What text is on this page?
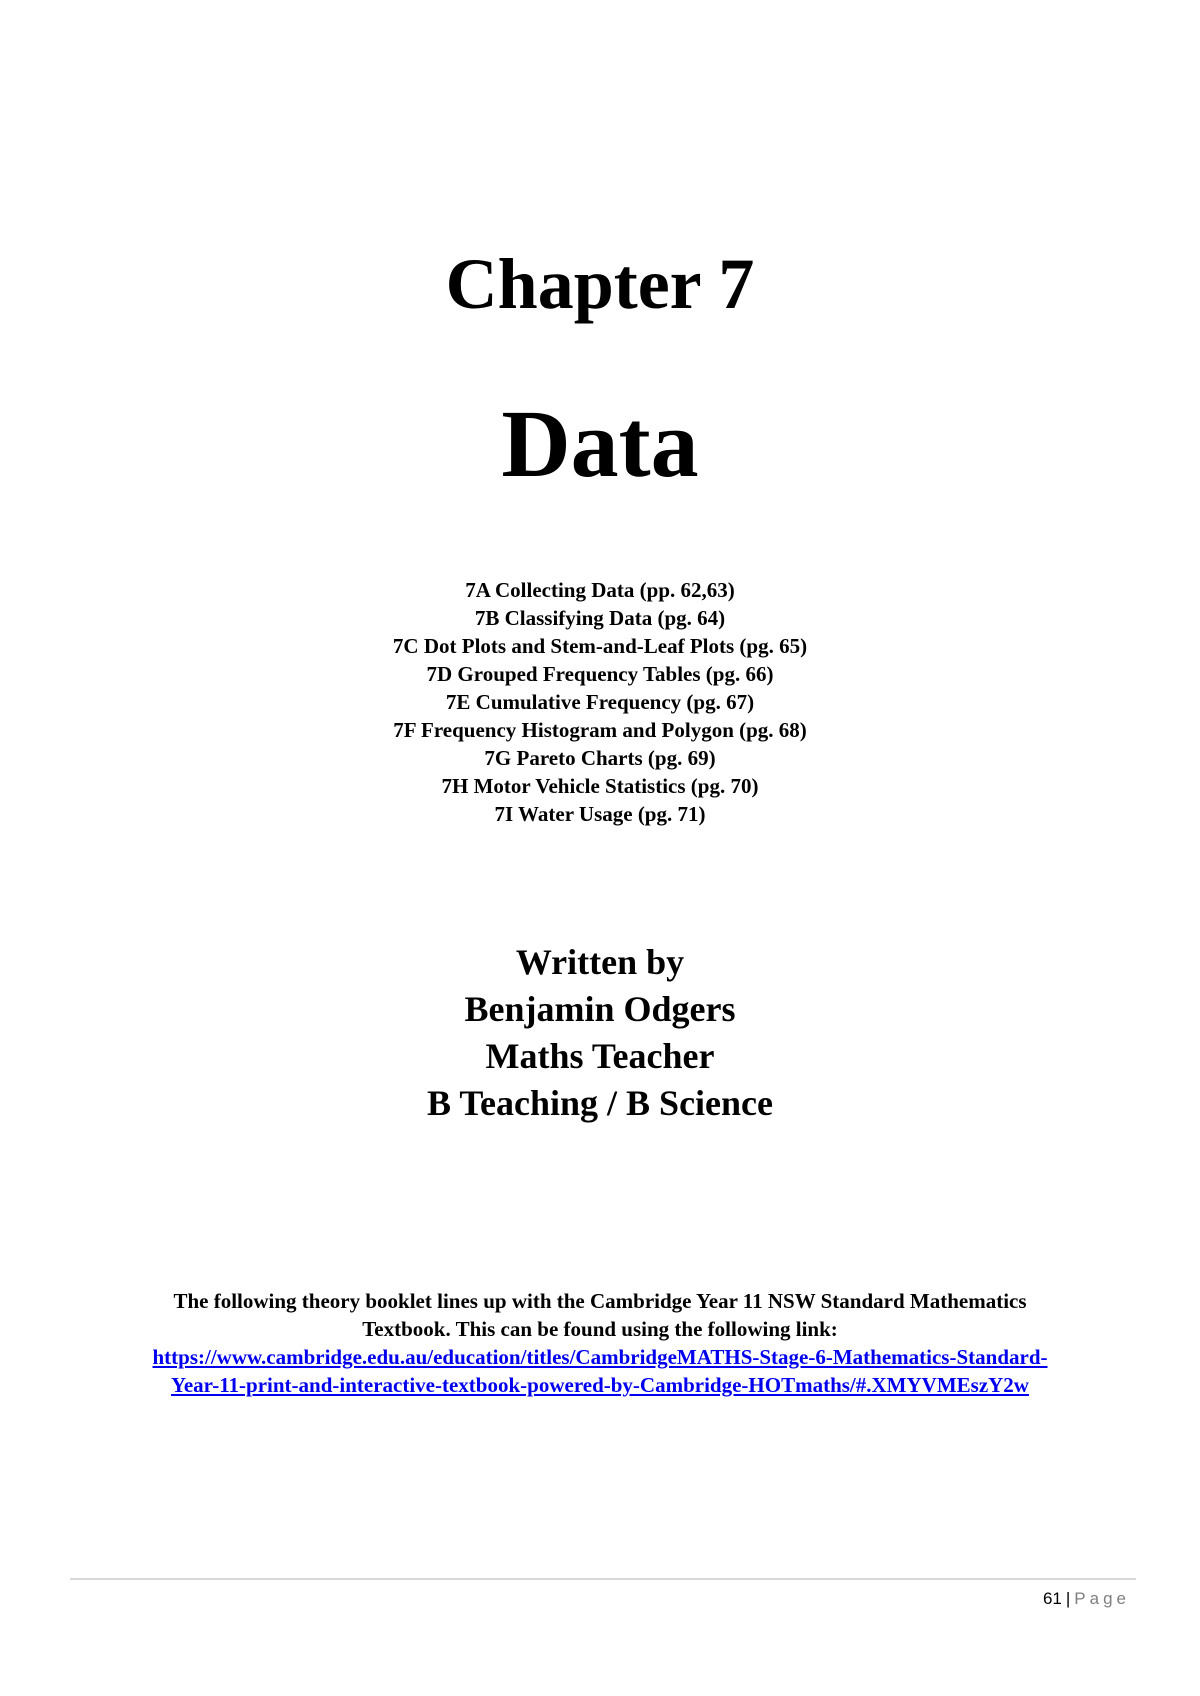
Chapter 7
Data
7A Collecting Data (pp. 62,63)
7B Classifying Data (pg. 64)
7C Dot Plots and Stem-and-Leaf Plots (pg. 65)
7D Grouped Frequency Tables (pg. 66)
7E Cumulative Frequency (pg. 67)
7F Frequency Histogram and Polygon (pg. 68)
7G Pareto Charts (pg. 69)
7H Motor Vehicle Statistics (pg. 70)
7I Water Usage (pg. 71)
Written by
Benjamin Odgers
Maths Teacher
B Teaching / B Science
The following theory booklet lines up with the Cambridge Year 11 NSW Standard Mathematics
Textbook. This can be found using the following link:
https://www.cambridge.edu.au/education/titles/CambridgeMATHS-Stage-6-Mathematics-Standard-
Year-11-print-and-interactive-textbook-powered-by-Cambridge-HOTmaths/#.XMYVMEszY2w
61 | Page
